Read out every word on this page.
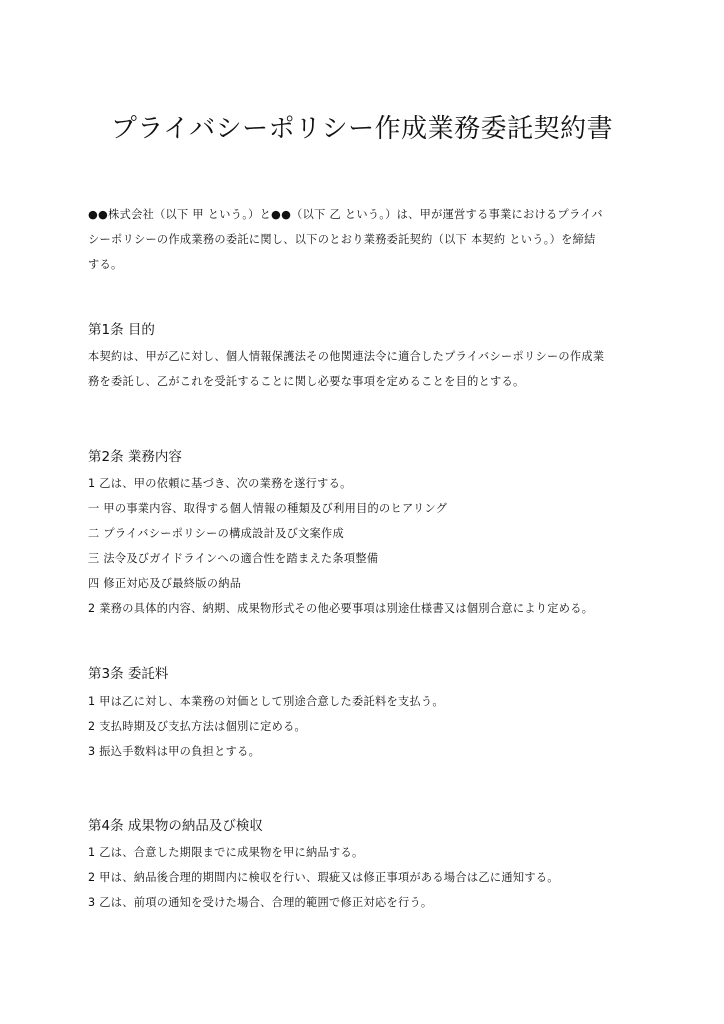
プライバシーポリシー作成業務委託契約書
●●株式会社（以下 甲 という。）と●●（以下 乙 という。）は、甲が運営する事業におけるプライバ
シーポリシーの作成業務の委託に関し、以下のとおり業務委託契約（以下 本契約 という。）を締結
する。
第1条 目的
本契約は、甲が乙に対し、個人情報保護法その他関連法令に適合したプライバシーポリシーの作成業
務を委託し、乙がこれを受託することに関し必要な事項を定めることを目的とする。
第2条 業務内容
1 乙は、甲の依頼に基づき、次の業務を遂行する。
一 甲の事業内容、取得する個人情報の種類及び利用目的のヒアリング
二 プライバシーポリシーの構成設計及び文案作成
三 法令及びガイドラインへの適合性を踏まえた条項整備
四 修正対応及び最終版の納品
2 業務の具体的内容、納期、成果物形式その他必要事項は別途仕様書又は個別合意により定める。
第3条 委託料
1 甲は乙に対し、本業務の対価として別途合意した委託料を支払う。
2 支払時期及び支払方法は個別に定める。
3 振込手数料は甲の負担とする。
第4条 成果物の納品及び検収
1 乙は、合意した期限までに成果物を甲に納品する。
2 甲は、納品後合理的期間内に検収を行い、瑕疵又は修正事項がある場合は乙に通知する。
3 乙は、前項の通知を受けた場合、合理的範囲で修正対応を行う。
